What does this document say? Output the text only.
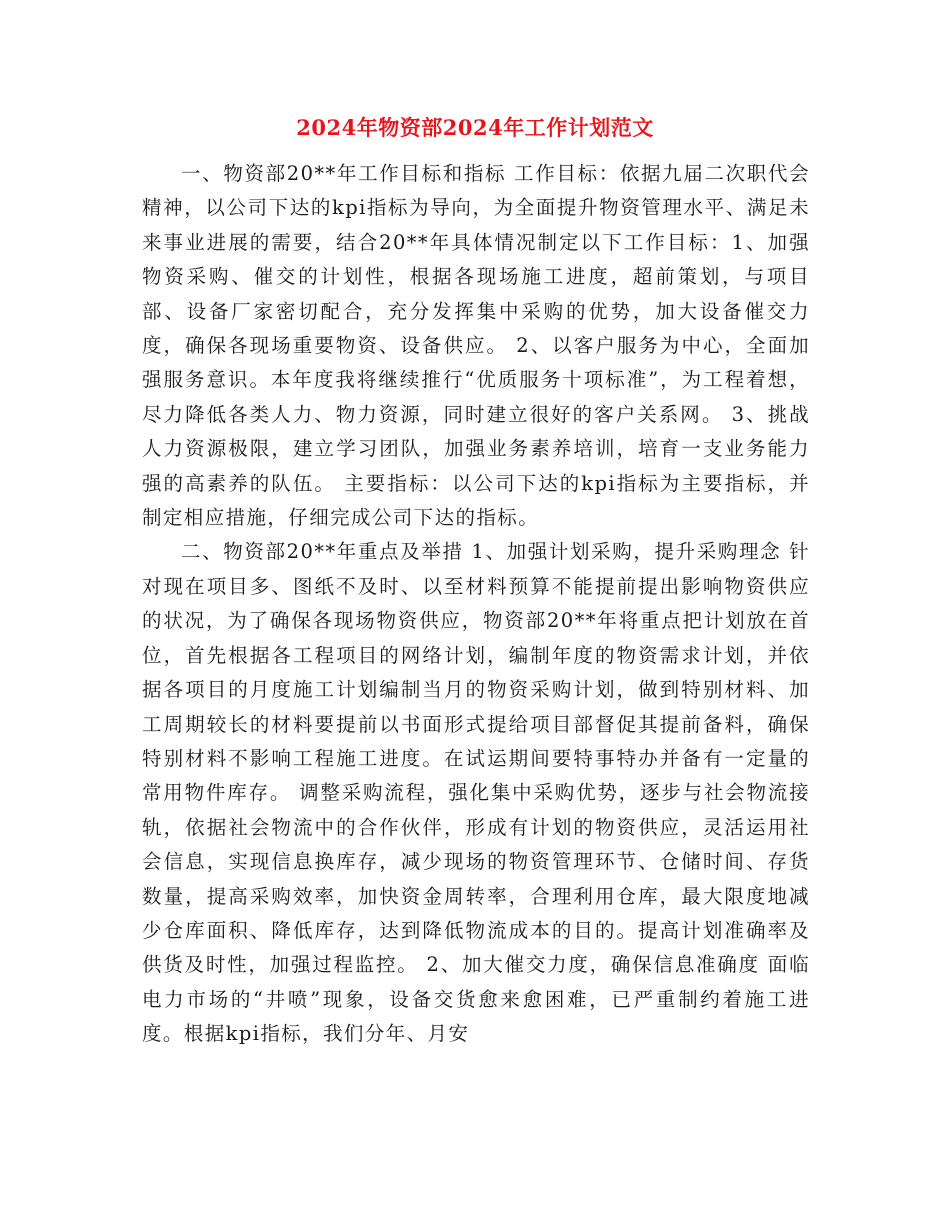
2024年物资部2024年工作计划范文

一、物资部20**年工作目标和指标 工作目标：依据九届二次职代会精神，以公司下达的kpi指标为导向，为全面提升物资管理水平、满足未来事业进展的需要，结合20**年具体情况制定以下工作目标：1、加强物资采购、催交的计划性，根据各现场施工进度，超前策划，与项目部、设备厂家密切配合，充分发挥集中采购的优势，加大设备催交力度，确保各现场重要物资、设备供应。 2、以客户服务为中心，全面加强服务意识。本年度我将继续推行“优质服务十项标准”，为工程着想，尽力降低各类人力、物力资源，同时建立很好的客户关系网。 3、挑战人力资源极限，建立学习团队，加强业务素养培训，培育一支业务能力强的高素养的队伍。 主要指标：以公司下达的kpi指标为主要指标，并制定相应措施，仔细完成公司下达的指标。

二、物资部20**年重点及举措 1、加强计划采购，提升采购理念 针对现在项目多、图纸不及时、以至材料预算不能提前提出影响物资供应的状况，为了确保各现场物资供应，物资部20**年将重点把计划放在首位，首先根据各工程项目的网络计划，编制年度的物资需求计划，并依据各项目的月度施工计划编制当月的物资采购计划，做到特别材料、加工周期较长的材料要提前以书面形式提给项目部督促其提前备料，确保特别材料不影响工程施工进度。在试运期间要特事特办并备有一定量的常用物件库存。 调整采购流程，强化集中采购优势，逐步与社会物流接轨，依据社会物流中的合作伙伴，形成有计划的物资供应，灵活运用社会信息，实现信息换库存，减少现场的物资管理环节、仓储时间、存货数量，提高采购效率，加快资金周转率，合理利用仓库，最大限度地减少仓库面积、降低库存，达到降低物流成本的目的。提高计划准确率及供货及时性，加强过程监控。 2、加大催交力度，确保信息准确度 面临电力市场的“井喷”现象，设备交货愈来愈困难，已严重制约着施工进度。根据kpi指标，我们分年、月安
